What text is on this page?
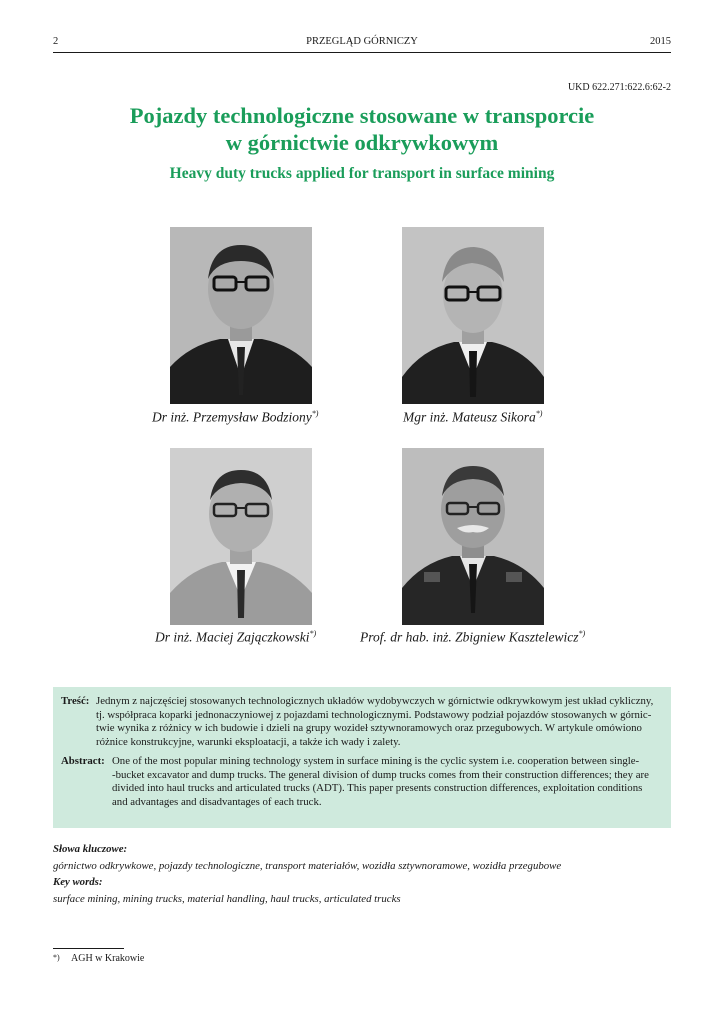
2	PRZEGLĄD GÓRNICZY	2015
UKD 622.271:622.6:62-2
Pojazdy technologiczne stosowane w transporcie
w górnictwie odkrywkowym
Heavy duty trucks applied for transport in surface mining
Dr inż. Przemysław Bodziony*)	Mgr inż. Mateusz Sikora*)
Dr inż. Maciej Zajączkowski*)	Prof. dr hab. inż. Zbigniew Kasztelewicz*)
Treść: Jednym z najczęściej stosowanych technologicznych układów wydobywczych w górnictwie odkrywkowym jest układ cykliczny,
tj. współpraca koparki jednonaczyniowej z pojazdami technologicznymi. Podstawowy podział pojazdów stosowanych w górnic-
twie wynika z różnicy w ich budowie i dzieli na grupy wozideł sztywnoramowych oraz przegubowych. W artykule omówiono
różnice konstrukcyjne, warunki eksploatacji, a także ich wady i zalety.
Abstract: One of the most popular mining technology system in surface mining is the cyclic system i.e. cooperation between single-
-bucket excavator and dump trucks. The general division of dump trucks comes from their construction differences; they are
divided into haul trucks and articulated trucks (ADT). This paper presents construction differences, exploitation conditions
and advantages and disadvantages of each truck.
Słowa kluczowe:
górnictwo odkrywkowe, pojazdy technologiczne, transport materiałów, wozidła sztywnoramowe, wozidła przegubowe
Key words:
surface mining, mining trucks, material handling, haul trucks, articulated trucks
*) AGH w Krakowie
